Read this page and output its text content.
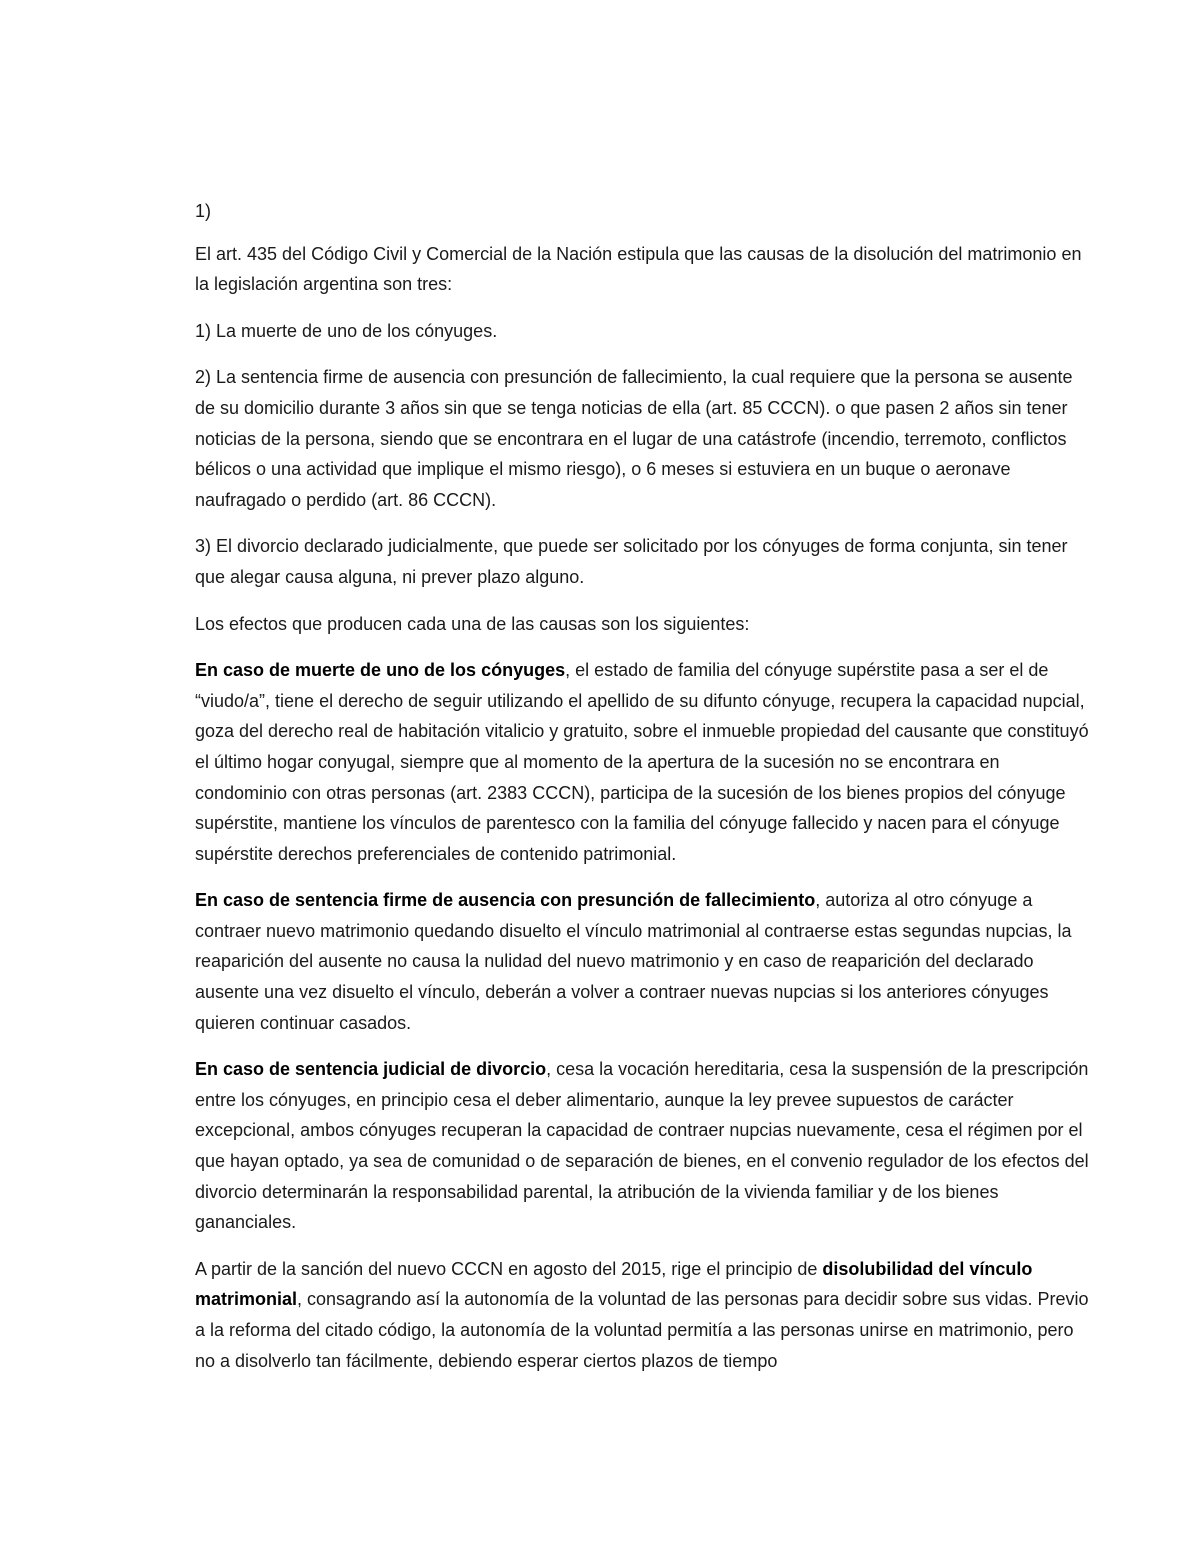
1)

El art. 435 del Código Civil y Comercial de la Nación estipula que las causas de la disolución del matrimonio en la legislación argentina son tres:

1) La muerte de uno de los cónyuges.

2) La sentencia firme de ausencia con presunción de fallecimiento, la cual requiere que la persona se ausente de su domicilio durante 3 años sin que se tenga noticias de ella (art. 85 CCCN). o que pasen 2 años sin tener noticias de la persona, siendo que se encontrara en el lugar de una catástrofe (incendio, terremoto, conflictos bélicos o una actividad que implique el mismo riesgo), o 6 meses si estuviera en un buque o aeronave naufragado o perdido (art. 86 CCCN).

3) El divorcio declarado judicialmente, que puede ser solicitado por los cónyuges de forma conjunta, sin tener que alegar causa alguna, ni prever plazo alguno.

Los efectos que producen cada una de las causas son los siguientes:

En caso de muerte de uno de los cónyuges, el estado de familia del cónyuge supérstite pasa a ser el de “viudo/a”, tiene el derecho de seguir utilizando el apellido de su difunto cónyuge, recupera la capacidad nupcial, goza del derecho real de habitación vitalicio y gratuito, sobre el inmueble propiedad del causante que constituyó el último hogar conyugal, siempre que al momento de la apertura de la sucesión no se encontrara en condominio con otras personas (art. 2383 CCCN), participa de la sucesión de los bienes propios del cónyuge supérstite, mantiene los vínculos de parentesco con la familia del cónyuge fallecido y nacen para el cónyuge supérstite derechos preferenciales de contenido patrimonial.

En caso de sentencia firme de ausencia con presunción de fallecimiento, autoriza al otro cónyuge a contraer nuevo matrimonio quedando disuelto el vínculo matrimonial al contraerse estas segundas nupcias, la reaparición del ausente no causa la nulidad del nuevo matrimonio y en caso de reaparición del declarado ausente una vez disuelto el vínculo, deberán a volver a contraer nuevas nupcias si los anteriores cónyuges quieren continuar casados.

En caso de sentencia judicial de divorcio, cesa la vocación hereditaria, cesa la suspensión de la prescripción entre los cónyuges, en principio cesa el deber alimentario, aunque la ley prevee supuestos de carácter excepcional, ambos cónyuges recuperan la capacidad de contraer nupcias nuevamente, cesa el régimen por el que hayan optado, ya sea de comunidad o de separación de bienes, en el convenio regulador de los efectos del divorcio determinarán la responsabilidad parental, la atribución de la vivienda familiar y de los bienes gananciales.

A partir de la sanción del nuevo CCCN en agosto del 2015, rige el principio de disolubilidad del vínculo matrimonial, consagrando así la autonomía de la voluntad de las personas para decidir sobre sus vidas. Previo a la reforma del citado código, la autonomía de la voluntad permitía a las personas unirse en matrimonio, pero no a disolverlo tan fácilmente, debiendo esperar ciertos plazos de tiempo
